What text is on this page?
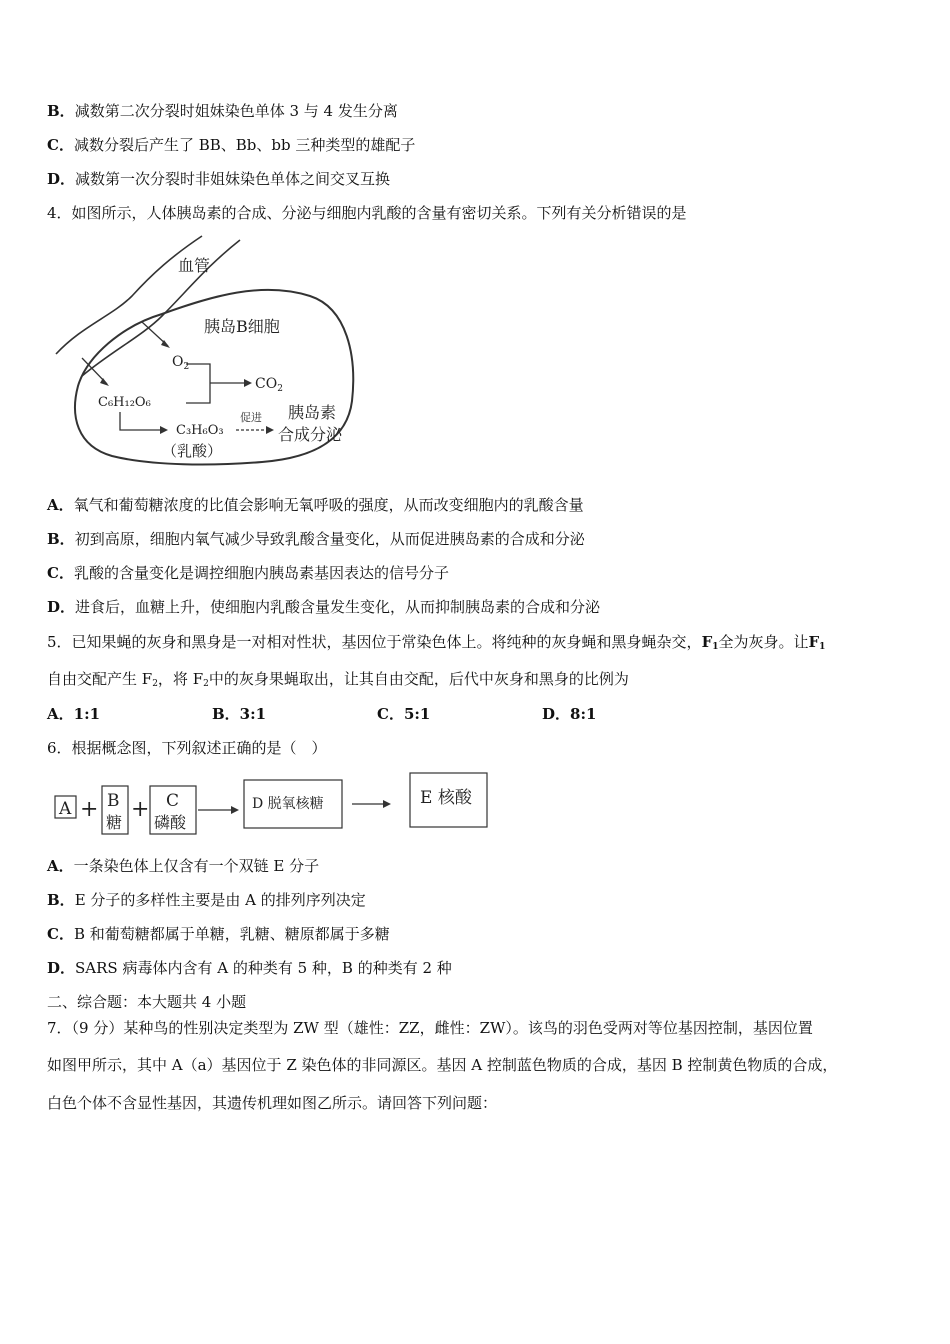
B．减数第二次分裂时姐妹染色单体 3 与 4 发生分离
C．减数分裂后产生了 BB、Bb、bb 三种类型的雄配子
D．减数第一次分裂时非姐妹染色单体之间交叉互换
4．如图所示，人体胰岛素的合成、分泌与细胞内乳酸的含量有密切关系。下列有关分析错误的是
血管
胰岛B细胞
$O_2$
C₆H₁₂O₆
$CO_2$
C₃H₆O₃
（乳酸）
促进 胰岛素
合成分泌
A．氧气和葡萄糖浓度的比值会影响无氧呼吸的强度，从而改变细胞内的乳酸含量
B．初到高原，细胞内氧气减少导致乳酸含量变化，从而促进胰岛素的合成和分泌
C．乳酸的含量变化是调控细胞内胰岛素基因表达的信号分子
D．进食后，血糖上升，使细胞内乳酸含量发生变化，从而抑制胰岛素的合成和分泌
5．已知果蝇的灰身和黑身是一对相对性状，基因位于常染色体上。将纯种的灰身蝇和黑身蝇杂交，$F_1$全为灰身。让$F_1$
自由交配产生 $F_2$，将 $F_2$中的灰身果蝇取出，让其自由交配，后代中灰身和黑身的比例为
A．1:1	B．3:1	C．5:1	D．8:1
6．根据概念图，下列叙述正确的是（　）
A + B
糖
+ C
磷酸
D 脱氧核糖	E 核酸
A．一条染色体上仅含有一个双链 E 分子
B．E 分子的多样性主要是由 A 的排列序列决定
C．B 和葡萄糖都属于单糖，乳糖、糖原都属于多糖
D．SARS 病毒体内含有 A 的种类有 5 种，B 的种类有 2 种
二、综合题：本大题共 4 小题
7．（9 分）某种鸟的性别决定类型为 ZW 型（雄性：ZZ，雌性：ZW）。该鸟的羽色受两对等位基因控制，基因位置
如图甲所示，其中 A（a）基因位于 Z 染色体的非同源区。基因 A 控制蓝色物质的合成，基因 B 控制黄色物质的合成，
白色个体不含显性基因，其遗传机理如图乙所示。请回答下列问题：
